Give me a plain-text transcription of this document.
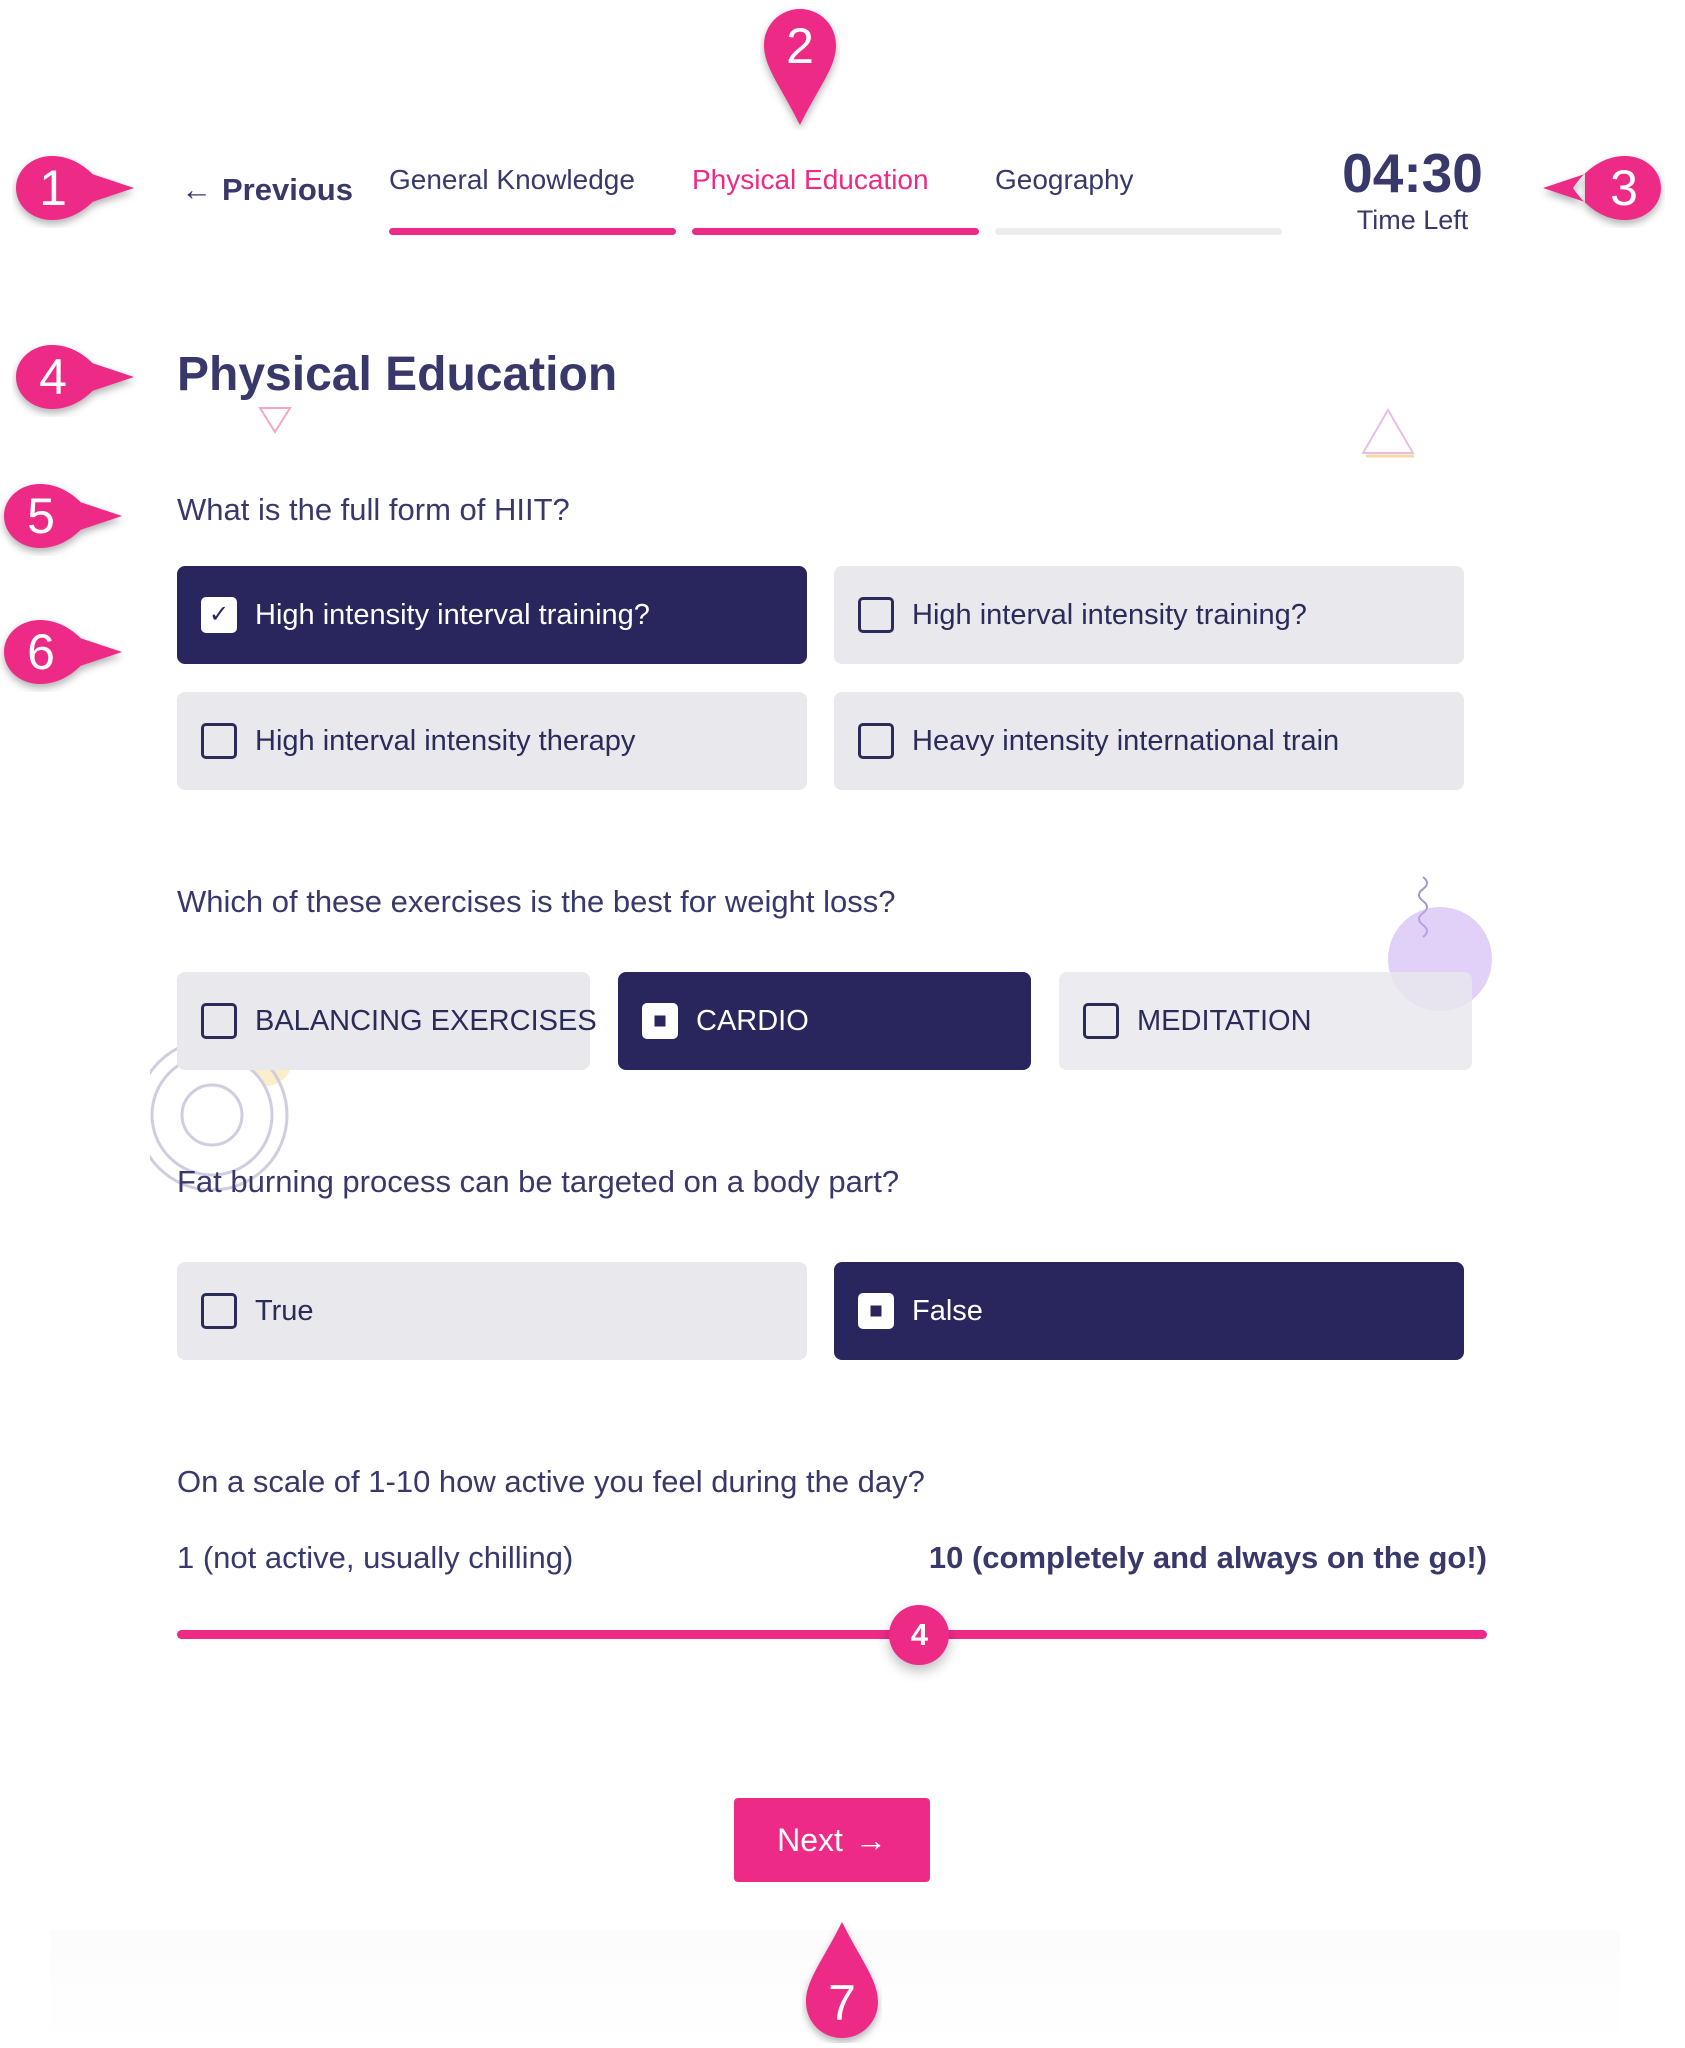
← Previous General Knowledge	Physical Education	Geography	04:30
Time Left
Physical Education
What is the full form of HIIT?
✓ High intensity interval training?	High interval intensity training?
High interval intensity therapy	Heavy intensity international train
Which of these exercises is the best for weight loss?
BALANCING EXERCISES	CARDIO	MEDITATION
Fat burning process can be targeted on a body part?
True	False
On a scale of 1-10 how active you feel during the day?
1 (not active, usually chilling)	10 (completely and always on the go!)
4
Next →
1
2
3
4
5
6
7
